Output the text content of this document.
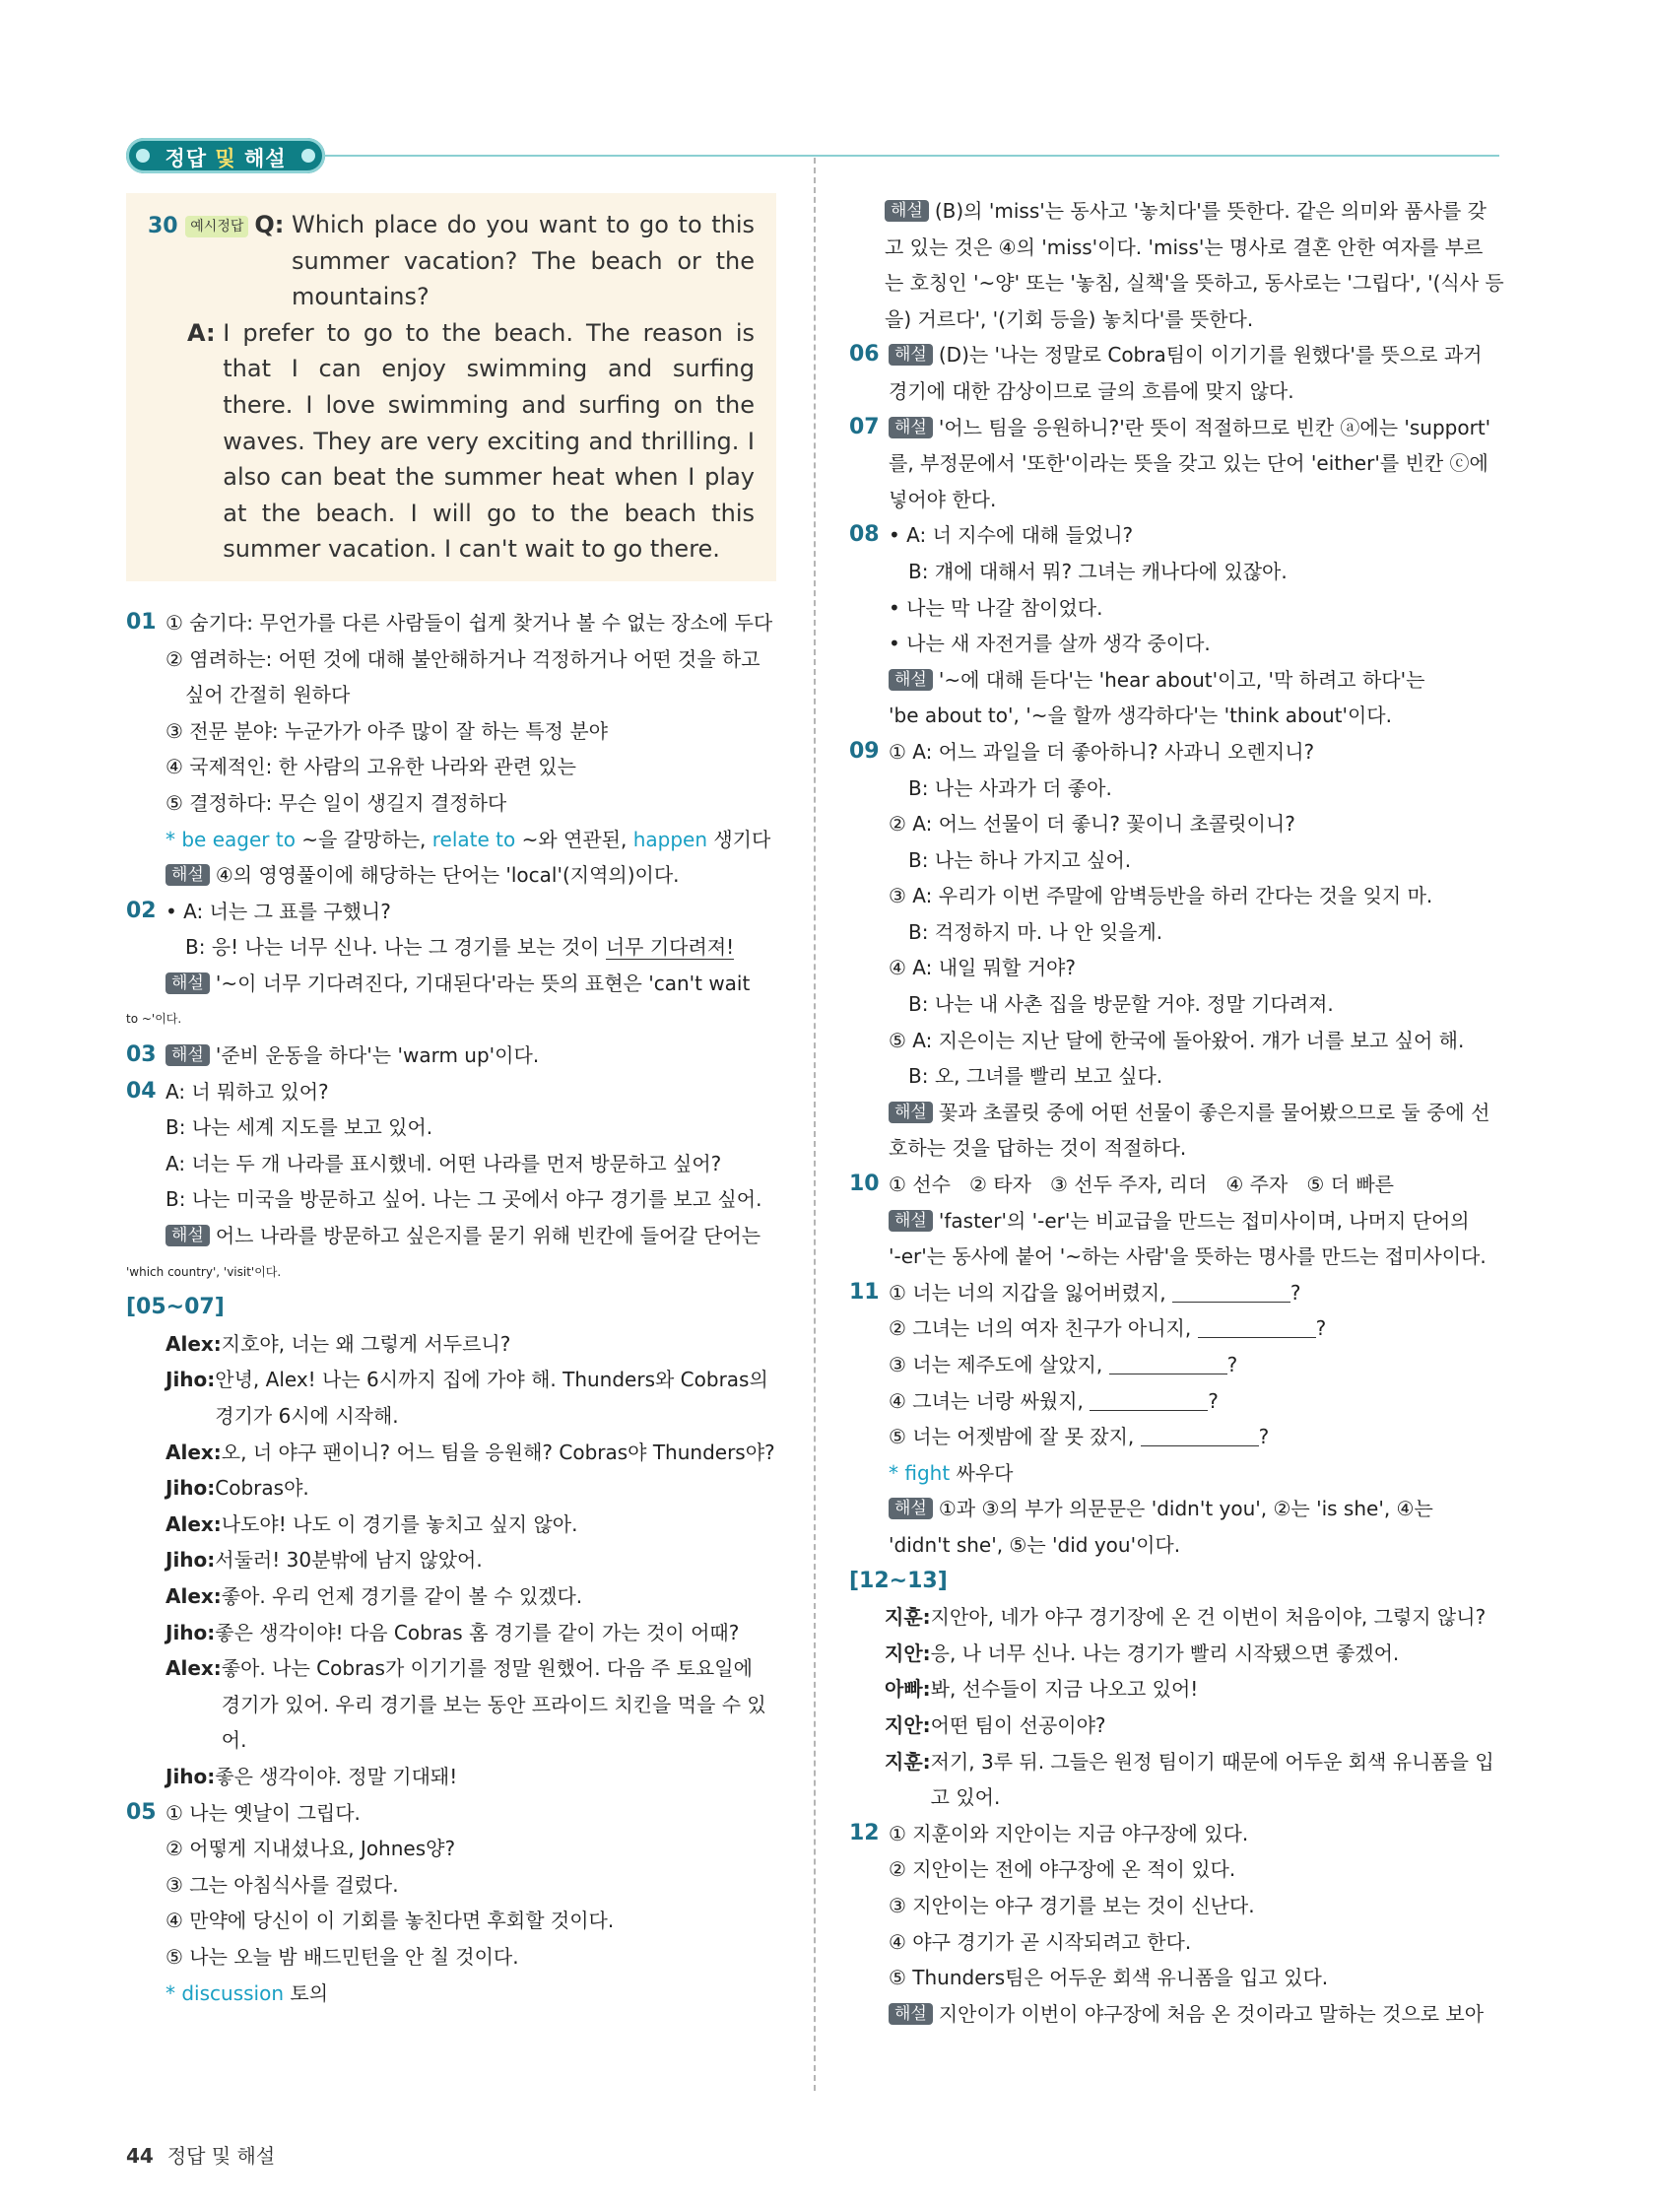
정답 및 해설
30 예시정답 Q: Which place do you want to go to this summer vacation? The beach or the mountains?
A:
I prefer to go to the beach. The reason is that I can enjoy swimming and surfing there. I love swimming and surfing on the waves. They are very exciting and thrilling. I also can beat the summer heat when I play at the beach. I will go to the beach this summer vacation. I can't wait to go there.
01 ① 숨기다: 무언가를 다른 사람들이 쉽게 찾거나 볼 수 없는 장소에 두다
② 염려하는: 어떤 것에 대해 불안해하거나 걱정하거나 어떤 것을 하고
싶어 간절히 원하다
③ 전문 분야: 누군가가 아주 많이 잘 하는 특정 분야
④ 국제적인: 한 사람의 고유한 나라와 관련 있는
⑤ 결정하다: 무슨 일이 생길지 결정하다
* be eager to ~을 갈망하는, relate to ~와 연관된, happen 생기다
해설 ④의 영영풀이에 해당하는 단어는 'local'(지역의)이다.
02 • A: 너는 그 표를 구했니?
B: 응! 나는 너무 신나. 나는 그 경기를 보는 것이 너무 기다려져!
해설 '~이 너무 기다려진다, 기대된다'라는 뜻의 표현은 'can't wait
to ~'이다.
03 해설 '준비 운동을 하다'는 'warm up'이다.
04 A: 너 뭐하고 있어?
B: 나는 세계 지도를 보고 있어.
A: 너는 두 개 나라를 표시했네. 어떤 나라를 먼저 방문하고 싶어?
B: 나는 미국을 방문하고 싶어. 나는 그 곳에서 야구 경기를 보고 싶어.
해설 어느 나라를 방문하고 싶은지를 묻기 위해 빈칸에 들어갈 단어는
'which country', 'visit'이다.
[05~07]
Alex: 지호야, 너는 왜 그렇게 서두르니?
Jiho: 안녕, Alex! 나는 6시까지 집에 가야 해. Thunders와 Cobras의 경기가 6시에 시작해.
Alex: 오, 너 야구 팬이니? 어느 팀을 응원해? Cobras야 Thunders야?
Jiho: Cobras야.
Alex: 나도야! 나도 이 경기를 놓치고 싶지 않아.
Jiho: 서둘러! 30분밖에 남지 않았어.
Alex: 좋아. 우리 언제 경기를 같이 볼 수 있겠다.
Jiho: 좋은 생각이야! 다음 Cobras 홈 경기를 같이 가는 것이 어때?
Alex: 좋아. 나는 Cobras가 이기기를 정말 원했어. 다음 주 토요일에 경기가 있어. 우리 경기를 보는 동안 프라이드 치킨을 먹을 수 있어.
Jiho: 좋은 생각이야. 정말 기대돼!
05 ① 나는 옛날이 그립다.
② 어떻게 지내셨나요, Johnes양?
③ 그는 아침식사를 걸렀다.
④ 만약에 당신이 이 기회를 놓친다면 후회할 것이다.
⑤ 나는 오늘 밤 배드민턴을 안 칠 것이다.
* discussion 토의
해설 (B)의 'miss'는 동사고 '놓치다'를 뜻한다. 같은 의미와 품사를 갖
고 있는 것은 ④의 'miss'이다. 'miss'는 명사로 결혼 안한 여자를 부르
는 호칭인 '~양' 또는 '놓침, 실책'을 뜻하고, 동사로는 '그립다', '(식사 등
을) 거르다', '(기회 등을) 놓치다'를 뜻한다.
06 해설 (D)는 '나는 정말로 Cobra팀이 이기기를 원했다'를 뜻으로 과거
경기에 대한 감상이므로 글의 흐름에 맞지 않다.
07 해설 '어느 팀을 응원하니?'란 뜻이 적절하므로 빈칸 ⓐ에는 'support'
를, 부정문에서 '또한'이라는 뜻을 갖고 있는 단어 'either'를 빈칸 ⓒ에
넣어야 한다.
08 • A: 너 지수에 대해 들었니?
B: 걔에 대해서 뭐? 그녀는 캐나다에 있잖아.
• 나는 막 나갈 참이었다.
• 나는 새 자전거를 살까 생각 중이다.
해설 '~에 대해 듣다'는 'hear about'이고, '막 하려고 하다'는
'be about to', '~을 할까 생각하다'는 'think about'이다.
09 ① A: 어느 과일을 더 좋아하니? 사과니 오렌지니?
B: 나는 사과가 더 좋아.
② A: 어느 선물이 더 좋니? 꽃이니 초콜릿이니?
B: 나는 하나 가지고 싶어.
③ A: 우리가 이번 주말에 암벽등반을 하러 간다는 것을 잊지 마.
B: 걱정하지 마. 나 안 잊을게.
④ A: 내일 뭐할 거야?
B: 나는 내 사촌 집을 방문할 거야. 정말 기다려져.
⑤ A: 지은이는 지난 달에 한국에 돌아왔어. 걔가 너를 보고 싶어 해.
B: 오, 그녀를 빨리 보고 싶다.
해설 꽃과 초콜릿 중에 어떤 선물이 좋은지를 물어봤으므로 둘 중에 선
호하는 것을 답하는 것이 적절하다.
10 ① 선수   ② 타자   ③ 선두 주자, 리더   ④ 주자   ⑤ 더 빠른
해설 'faster'의 '-er'는 비교급을 만드는 접미사이며, 나머지 단어의
'-er'는 동사에 붙어 '~하는 사람'을 뜻하는 명사를 만드는 접미사이다.
11 ① 너는 너의 지갑을 잃어버렸지,	?
② 그녀는 너의 여자 친구가 아니지,	?
③ 너는 제주도에 살았지,	?
④ 그녀는 너랑 싸웠지,	?
⑤ 너는 어젯밤에 잘 못 잤지,	?
* fight 싸우다
해설 ①과 ③의 부가 의문문은 'didn't you', ②는 'is she', ④는
'didn't she', ⑤는 'did you'이다.
[12~13]
지훈: 지안아, 네가 야구 경기장에 온 건 이번이 처음이야, 그렇지 않니?
지안: 응, 나 너무 신나. 나는 경기가 빨리 시작됐으면 좋겠어.
아빠: 봐, 선수들이 지금 나오고 있어!
지안: 어떤 팀이 선공이야?
지훈: 저기, 3루 뒤. 그들은 원정 팀이기 때문에 어두운 회색 유니폼을 입고 있어.
12 ① 지훈이와 지안이는 지금 야구장에 있다.
② 지안이는 전에 야구장에 온 적이 있다.
③ 지안이는 야구 경기를 보는 것이 신난다.
④ 야구 경기가 곧 시작되려고 한다.
⑤ Thunders팀은 어두운 회색 유니폼을 입고 있다.
해설 지안이가 이번이 야구장에 처음 온 것이라고 말하는 것으로 보아
44 정답 및 해설
